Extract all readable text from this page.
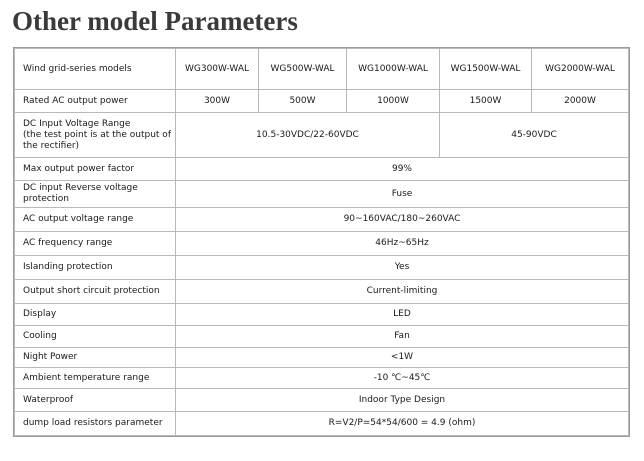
Other model Parameters
Wind grid-series models	WG300W-WAL	WG500W-WAL	WG1000W-WAL	WG1500W-WAL	WG2000W-WAL
Rated AC output power	300W	500W	1000W	1500W	2000W

DC Input Voltage Range
(the test point is at the output of the rectifier)	10.5-30VDC/22-60VDC			45-90VDC	
Max output power factor	99%				
DC input Reverse voltage protection	Fuse				
AC output voltage range	90~160VAC/180~260VAC				
AC frequency range	46Hz~65Hz				
Islanding protection	Yes				
Output short circuit protection	Current-limiting				
Display	LED				
Cooling	Fan				
Night Power	<1W				
Ambient temperature range	-10 ℃~45℃				
Waterproof	Indoor Type Design				
dump load resistors parameter	R=V2/P=54*54/600 = 4.9 (ohm)				
